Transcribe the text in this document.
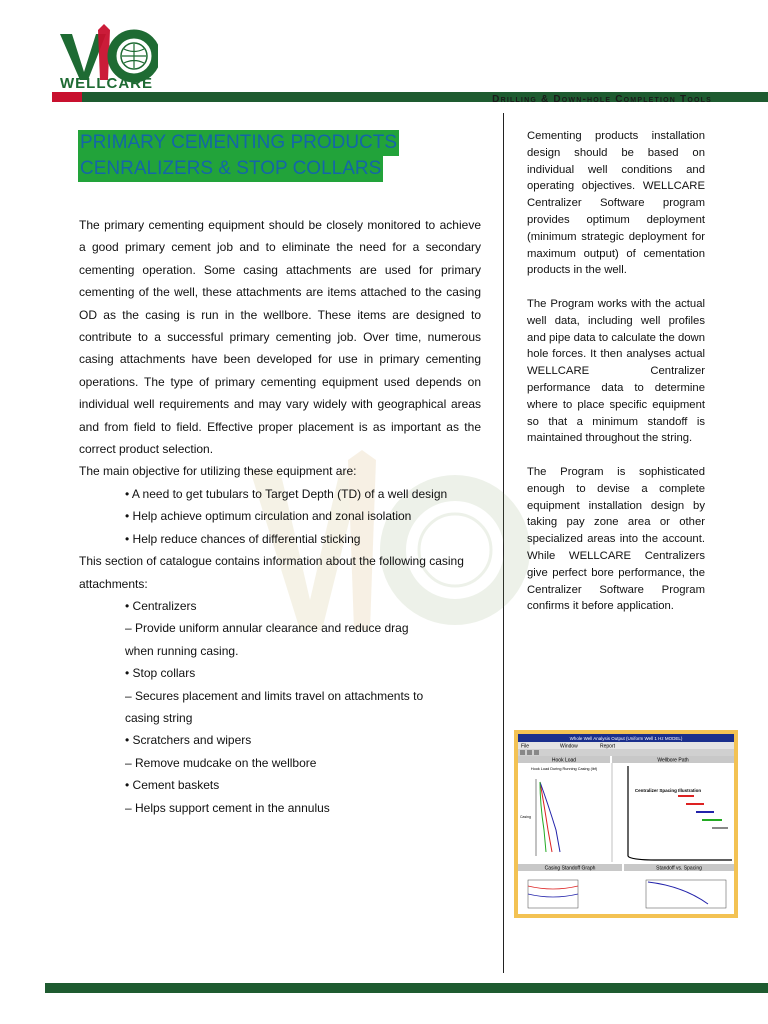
WELLCARE
Drilling & Down-hole Completion Tools
PRIMARY CEMENTING PRODUCTS
CENRALIZERS & STOP COLLARS

The primary cementing equipment should be closely monitored to achieve a good primary cement job and to eliminate the need for a secondary cementing operation. Some casing attachments are used for primary cementing of the well, these attachments are items attached to the casing OD as the casing is run in the wellbore. These items are designed to contribute to a successful primary cementing job. Over time, numerous casing attachments have been developed for use in primary cementing operations. The type of primary cementing equipment used depends on individual well requirements and may vary widely with geographical areas and from field to field. Effective proper placement is as important as the correct product selection.

The main objective for utilizing these equipment are:

• A need to get tubulars to Target Depth (TD) of a well design

• Help achieve optimum circulation and zonal isolation

• Help reduce chances of differential sticking

This section of catalogue contains information about the following casing attachments:

• Centralizers
– Provide uniform annular clearance and reduce drag
when running casing.
• Stop collars
– Secures placement and limits travel on attachments to
casing string
• Scratchers and wipers
– Remove mudcake on the wellbore
• Cement baskets
– Helps support cement in the annulus

Cementing products installation design should be based on individual well conditions and operating objectives. WELLCARE Centralizer Software program provides optimum deployment (minimum strategic deployment for maximum output) of cementation products in the well.

The Program works with the actual well data, including well profiles and pipe data to calculate the down hole forces. It then analyses actual WELLCARE Centralizer performance data to determine where to place specific equipment so that a minimum standoff is maintained throughout the string.

The Program is sophisticated enough to devise a complete equipment installation design by taking pay zone area or other specialized areas into the account. While WELLCARE Centralizers give perfect bore performance, the Centralizer Software Program confirms it before application.

Whole Well Analysis Output (Uniform Well 1 Hz MODEL)
File	Window	Report
Hook Load	Wellbore Path
Hook Load During Running Casing (lbf)
Centralizer Spacing Illustration
Casing
Casing Standoff Graph	Standoff vs. Spacing
